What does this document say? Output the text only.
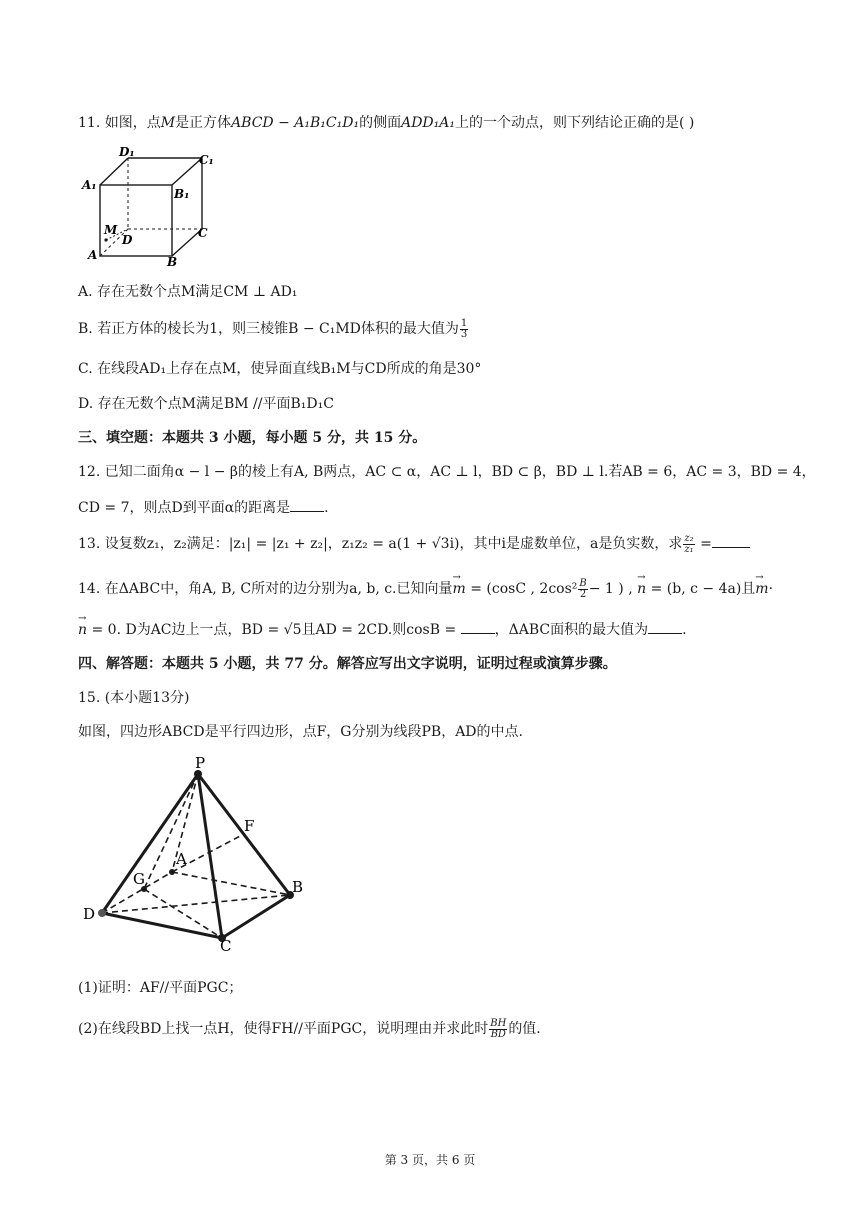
11. 如图，点M是正方体ABCD − A₁B₁C₁D₁的侧面ADD₁A₁上的一个动点，则下列结论正确的是( )
D₁
C₁
A₁
B₁
M
D	C
A	B
A. 存在无数个点M满足CM ⊥ AD₁
B. 若正方体的棱长为1，则三棱锥B − C₁MD体积的最大值为 $\frac{1}{3}$
C. 在线段AD₁上存在点M，使异面直线B₁M与CD所成的角是30°
D. 存在无数个点M满足BM //平面B₁D₁C
三、填空题：本题共 3 小题，每小题 5 分，共 15 分。
12. 已知二面角α − l − β的棱上有A, B两点，AC ⊂ α，AC ⊥ l，BD ⊂ β，BD ⊥ l.若AB = 6，AC = 3，BD = 4，
CD = 7，则点D到平面α的距离是 .
13. 设复数z₁，z₂满足：|z₁| = |z₁ + z₂|，z₁z₂ = a(1 + √3i)，其中i是虚数单位，a是负实数，求 $\frac{\text{z₂}}{\text{z₁}}$ =
14. 在ΔABC中，角A, B, C所对的边分别为a, b, c.已知向量→ m = (cosC , $2\cos^2 \frac{B}{2} - 1$ ) , → n = (b, c − 4a)且→ m·
→ n = 0. D为AC边上一点，BD = √5且AD = 2CD.则cosB = ，ΔABC面积的最大值为 .
四、解答题：本题共 5 小题，共 77 分。解答应写出文字说明，证明过程或演算步骤。
15. (本小题13分)
如图，四边形ABCD是平行四边形，点F，G分别为线段PB，AD的中点.
P
F
A
G	B
D
C
(1)证明：AF//平面PGC；
(2)在线段BD上找一点H，使得FH//平面PGC，说明理由并求此时 $\frac{BH}{BD}$ 的值.
第 3 页，共 6 页
